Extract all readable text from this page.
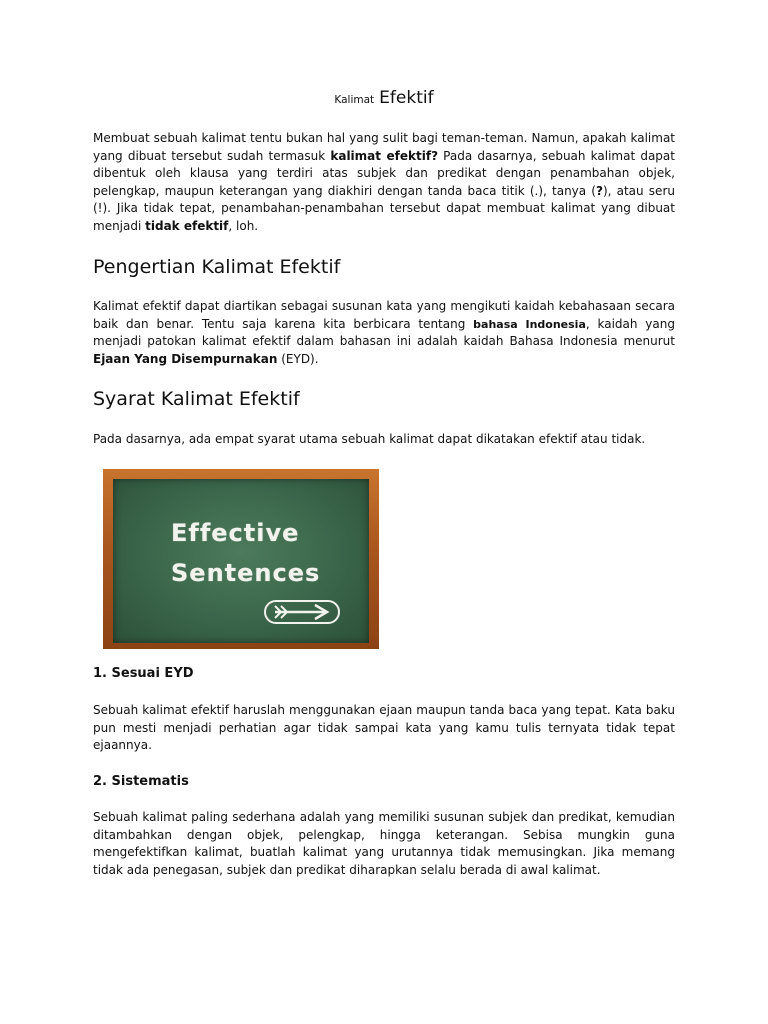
Kalimat Efektif

Membuat sebuah kalimat tentu bukan hal yang sulit bagi teman-teman. Namun, apakah kalimat yang dibuat tersebut sudah termasuk kalimat efektif? Pada dasarnya, sebuah kalimat dapat dibentuk oleh klausa yang terdiri atas subjek dan predikat dengan penambahan objek, pelengkap, maupun keterangan yang diakhiri dengan tanda baca titik (.), tanya (?), atau seru (!). Jika tidak tepat, penambahan-penambahan tersebut dapat membuat kalimat yang dibuat menjadi tidak efektif, loh.

Pengertian Kalimat Efektif

Kalimat efektif dapat diartikan sebagai susunan kata yang mengikuti kaidah kebahasaan secara baik dan benar. Tentu saja karena kita berbicara tentang bahasa Indonesia, kaidah yang menjadi patokan kalimat efektif dalam bahasan ini adalah kaidah Bahasa Indonesia menurut Ejaan Yang Disempurnakan (EYD).

Syarat Kalimat Efektif

Pada dasarnya, ada empat syarat utama sebuah kalimat dapat dikatakan efektif atau tidak.

Effective
Sentences
1. Sesuai EYD

Sebuah kalimat efektif haruslah menggunakan ejaan maupun tanda baca yang tepat. Kata baku pun mesti menjadi perhatian agar tidak sampai kata yang kamu tulis ternyata tidak tepat ejaannya.

2. Sistematis

Sebuah kalimat paling sederhana adalah yang memiliki susunan subjek dan predikat, kemudian ditambahkan dengan objek, pelengkap, hingga keterangan. Sebisa mungkin guna mengefektifkan kalimat, buatlah kalimat yang urutannya tidak memusingkan. Jika memang tidak ada penegasan, subjek dan predikat diharapkan selalu berada di awal kalimat.
